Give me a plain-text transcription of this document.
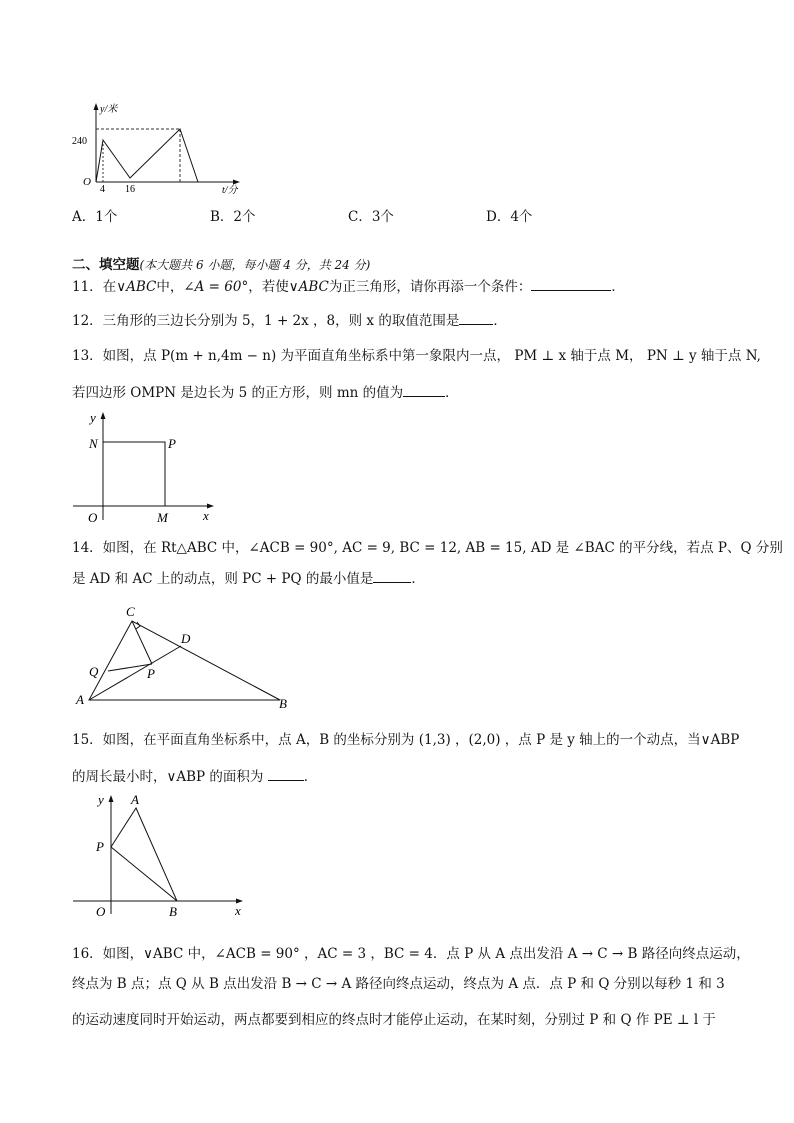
y/米
240
O
4 16	t/分
A．1个	B．2个	C．3个	D．4个
二、填空题(本大题共 6 小题，每小题 4 分，共 24 分)
11．在∨ABC中，∠A = 60°，若使∨ABC为正三角形，请你再添一个条件：	．
12．三角形的三边长分别为 5，1 + 2x ，8，则 x 的取值范围是	．
13．如图，点 P(m + n,4m − n) 为平面直角坐标系中第一象限内一点， PM ⊥ x 轴于点 M， PN ⊥ y 轴于点 N,
若四边形 OMPN 是边长为 5 的正方形，则 mn 的值为	．
y
N	P
O	M	x
14．如图，在 Rt△ABC 中，∠ACB = 90°, AC = 9, BC = 12, AB = 15, AD 是 ∠BAC 的平分线，若点 P、Q 分别
是 AD 和 AC 上的动点，则 PC + PQ 的最小值是	．
C
D
Q	P
A	B
15．如图，在平面直角坐标系中，点 A，B 的坐标分别为 (1,3) ，(2,0) ，点 P 是 y 轴上的一个动点，当∨ABP
的周长最小时，∨ABP 的面积为	．
y A
P
O	B	x
16．如图，∨ABC 中，∠ACB = 90° ，AC = 3 ，BC = 4．点 P 从 A 点出发沿 A → C → B 路径向终点运动，
终点为 B 点；点 Q 从 B 点出发沿 B → C → A 路径向终点运动，终点为 A 点．点 P 和 Q 分别以每秒 1 和 3
的运动速度同时开始运动，两点都要到相应的终点时才能停止运动，在某时刻，分别过 P 和 Q 作 PE ⊥ l 于
